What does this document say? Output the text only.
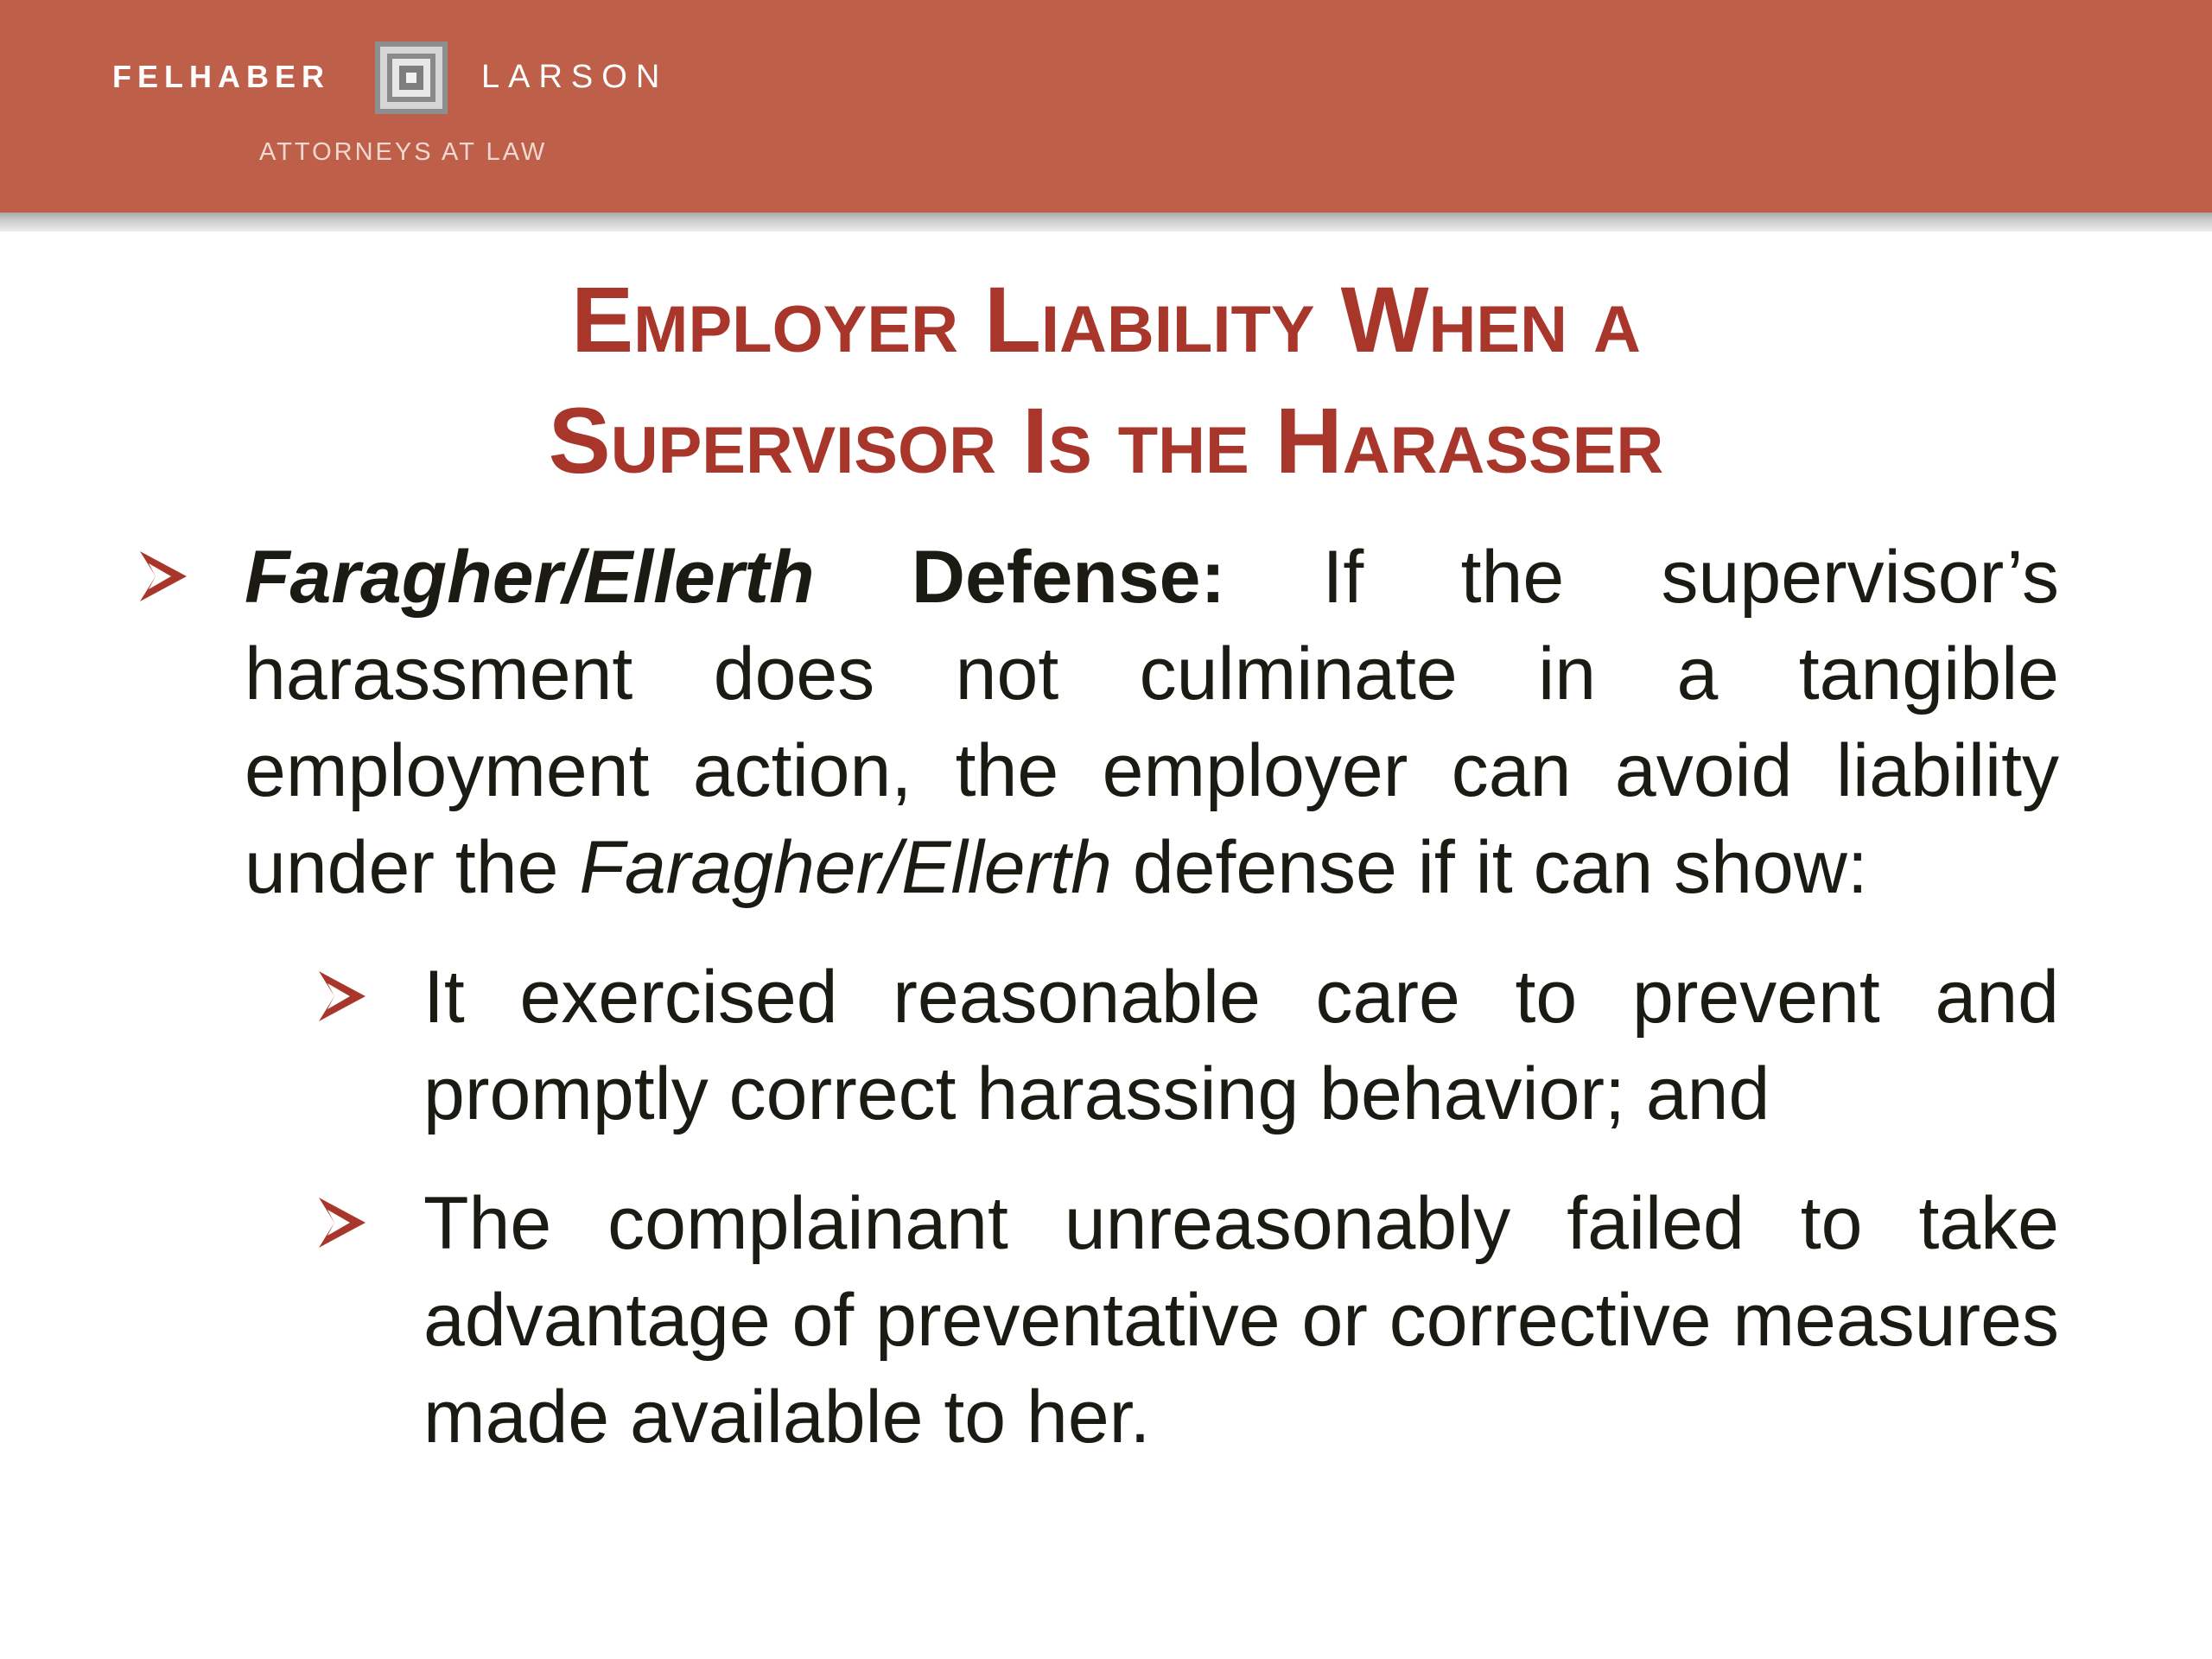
FELHABER	LARSON
ATTORNEYS AT LAW
Employer Liability When a
Supervisor Is the Harasser
Faragher/Ellerth Defense: If the supervisor’s harassment does not culminate in a tangible employment action, the employer can avoid liability under the Faragher/Ellerth defense if it can show:
It exercised reasonable care to prevent and promptly correct harassing behavior; and
The complainant unreasonably failed to take advantage of preventative or corrective measures made available to her.
